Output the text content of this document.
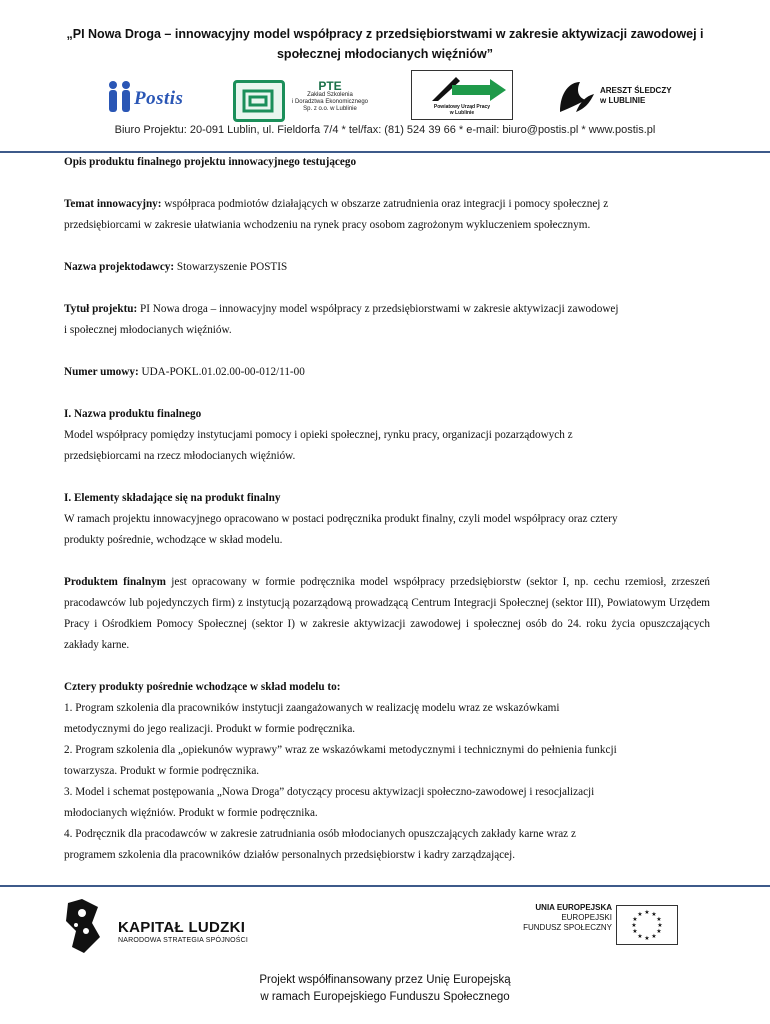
„PI Nowa Droga – innowacyjny model współpracy z przedsiębiorstwami w zakresie aktywizacji zawodowej i
społecznej młodocianych więźniów”
Postis
PTE
Zakład Szkolenia
i Doradztwa Ekonomicznego
Sp. z o.o. w Lublinie	Powiatowy Urząd Pracy
w Lublinie
ARESZT ŚLEDCZY
w LUBLINIE
Biuro Projektu: 20-091 Lublin, ul. Fieldorfa 7/4 * tel/fax: (81) 524 39 66 * e-mail: biuro@postis.pl * www.postis.pl

Opis produktu finalnego projektu innowacyjnego testującego

Temat innowacyjny: współpraca podmiotów działających w obszarze zatrudnienia oraz integracji i pomocy społecznej z

przedsiębiorcami w zakresie ułatwiania wchodzeniu na rynek pracy osobom zagrożonym wykluczeniem społecznym.

Nazwa projektodawcy: Stowarzyszenie POSTIS

Tytuł projektu: PI Nowa droga – innowacyjny model współpracy z przedsiębiorstwami w zakresie aktywizacji zawodowej

i społecznej młodocianych więźniów.

Numer umowy: UDA-POKL.01.02.00-00-012/11-00

I. Nazwa produktu finalnego

Model współpracy pomiędzy instytucjami pomocy i opieki społecznej, rynku pracy, organizacji pozarządowych z

przedsiębiorcami na rzecz młodocianych więźniów.

I. Elementy składające się na produkt finalny

W ramach projektu innowacyjnego opracowano w postaci podręcznika produkt finalny, czyli model współpracy oraz cztery

produkty pośrednie, wchodzące w skład modelu.

Produktem finalnym jest opracowany w formie podręcznika model współpracy przedsiębiorstw (sektor I, np. cechu rzemiosł, zrzeszeń pracodawców lub pojedynczych firm) z instytucją pozarządową prowadzącą Centrum Integracji Społecznej (sektor III), Powiatowym Urzędem Pracy i Ośrodkiem Pomocy Społecznej (sektor I) w zakresie aktywizacji zawodowej i społecznej osób do 24. roku życia opuszczających zakłady karne.

Cztery produkty pośrednie wchodzące w skład modelu to:

1. Program szkolenia dla pracowników instytucji zaangażowanych w realizację modelu wraz ze wskazówkami

metodycznymi do jego realizacji. Produkt w formie podręcznika.

2. Program szkolenia dla „opiekunów wyprawy” wraz ze wskazówkami metodycznymi i technicznymi do pełnienia funkcji

towarzysza. Produkt w formie podręcznika.

3. Model i schemat postępowania „Nowa Droga” dotyczący procesu aktywizacji społeczno-zawodowej i resocjalizacji

młodocianych więźniów. Produkt w formie podręcznika.

4. Podręcznik dla pracodawców w zakresie zatrudniania osób młodocianych opuszczających zakłady karne wraz z

programem szkolenia dla pracowników działów personalnych przedsiębiorstw i kadry zarządzającej.

KAPITAŁ LUDZKI
NARODOWA STRATEGIA SPÓJNOŚCI
UNIA EUROPEJSKA
EUROPEJSKI
FUNDUSZ SPOŁECZNY
★ ★
★
★
★
★
★
★
★
★
★
★
Projekt współfinansowany przez Unię Europejską
w ramach Europejskiego Funduszu Społecznego
